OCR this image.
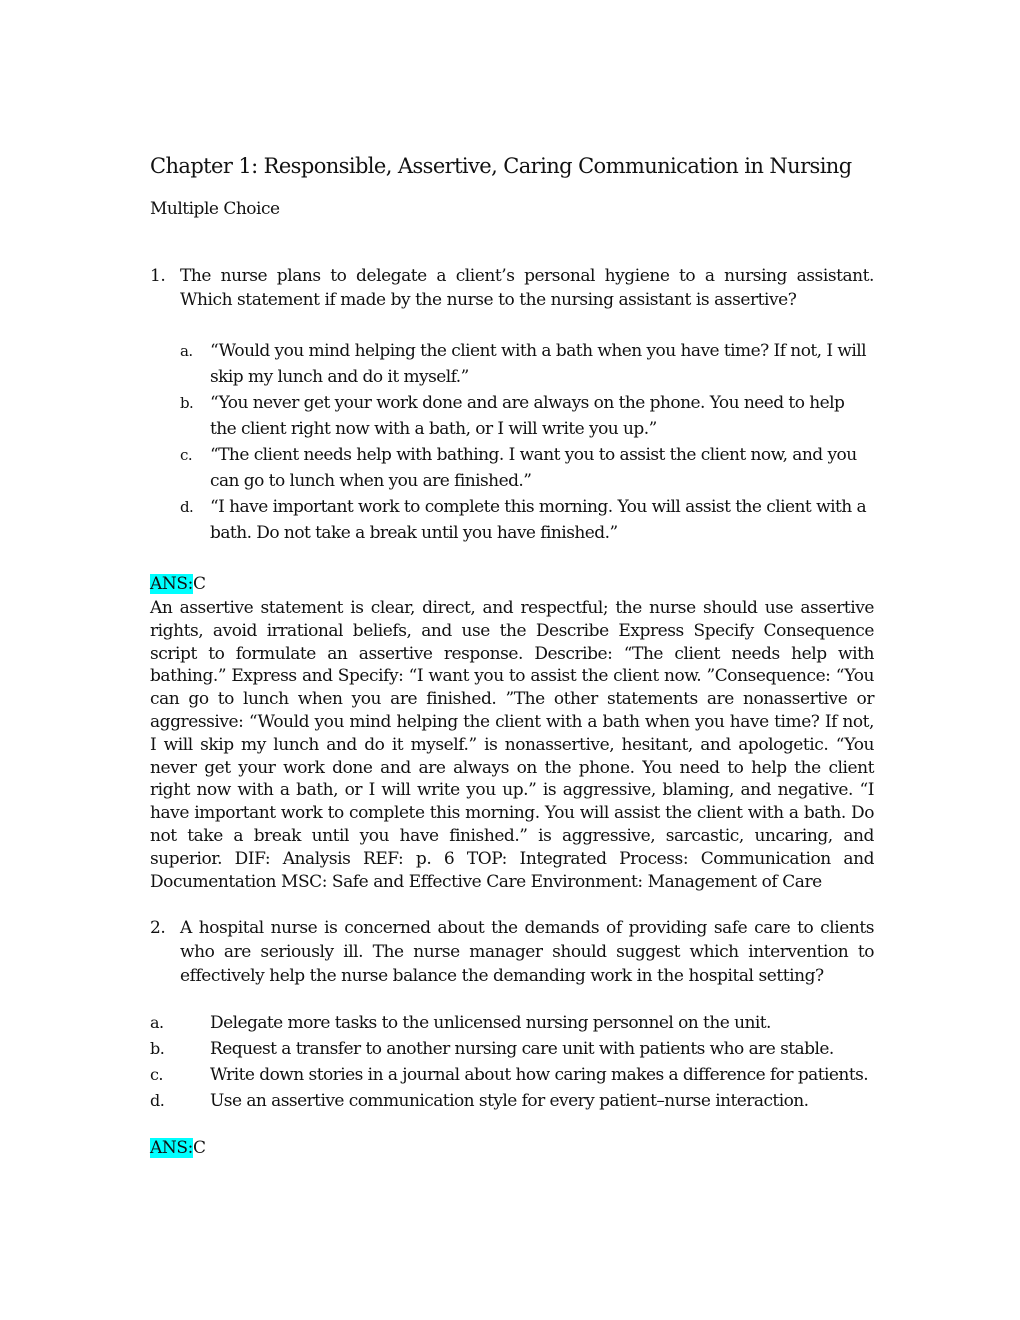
Chapter 1: Responsible, Assertive, Caring Communication in Nursing
Multiple Choice
1. The nurse plans to delegate a client’s personal hygiene to a nursing assistant. Which statement if made by the nurse to the nursing assistant is assertive?
a. “Would you mind helping the client with a bath when you have time? If not, I will skip my lunch and do it myself.”
b. “You never get your work done and are always on the phone. You need to help the client right now with a bath, or I will write you up.”
c. “The client needs help with bathing. I want you to assist the client now, and you can go to lunch when you are finished.”
d. “I have important work to complete this morning. You will assist the client with a bath. Do not take a break until you have finished.”
ANS:C
An assertive statement is clear, direct, and respectful; the nurse should use assertive rights, avoid irrational beliefs, and use the Describe Express Specify Consequence script to formulate an assertive response. Describe: “The client needs help with bathing.” Express and Specify: “I want you to assist the client now. ”Consequence: “You can go to lunch when you are finished. ”The other statements are nonassertive or aggressive: “Would you mind helping the client with a bath when you have time? If not, I will skip my lunch and do it myself.” is nonassertive, hesitant, and apologetic. “You never get your work done and are always on the phone. You need to help the client right now with a bath, or I will write you up.” is aggressive, blaming, and negative. “I have important work to complete this morning. You will assist the client with a bath. Do not take a break until you have finished.” is aggressive, sarcastic, uncaring, and superior. DIF: Analysis REF: p. 6 TOP: Integrated Process: Communication and Documentation MSC: Safe and Effective Care Environment: Management of Care
2. A hospital nurse is concerned about the demands of providing safe care to clients who are seriously ill. The nurse manager should suggest which intervention to effectively help the nurse balance the demanding work in the hospital setting?
a.	Delegate more tasks to the unlicensed nursing personnel on the unit.
b.	Request a transfer to another nursing care unit with patients who are stable.
c.	Write down stories in a journal about how caring makes a difference for patients.
d.	Use an assertive communication style for every patient–nurse interaction.
ANS:C
